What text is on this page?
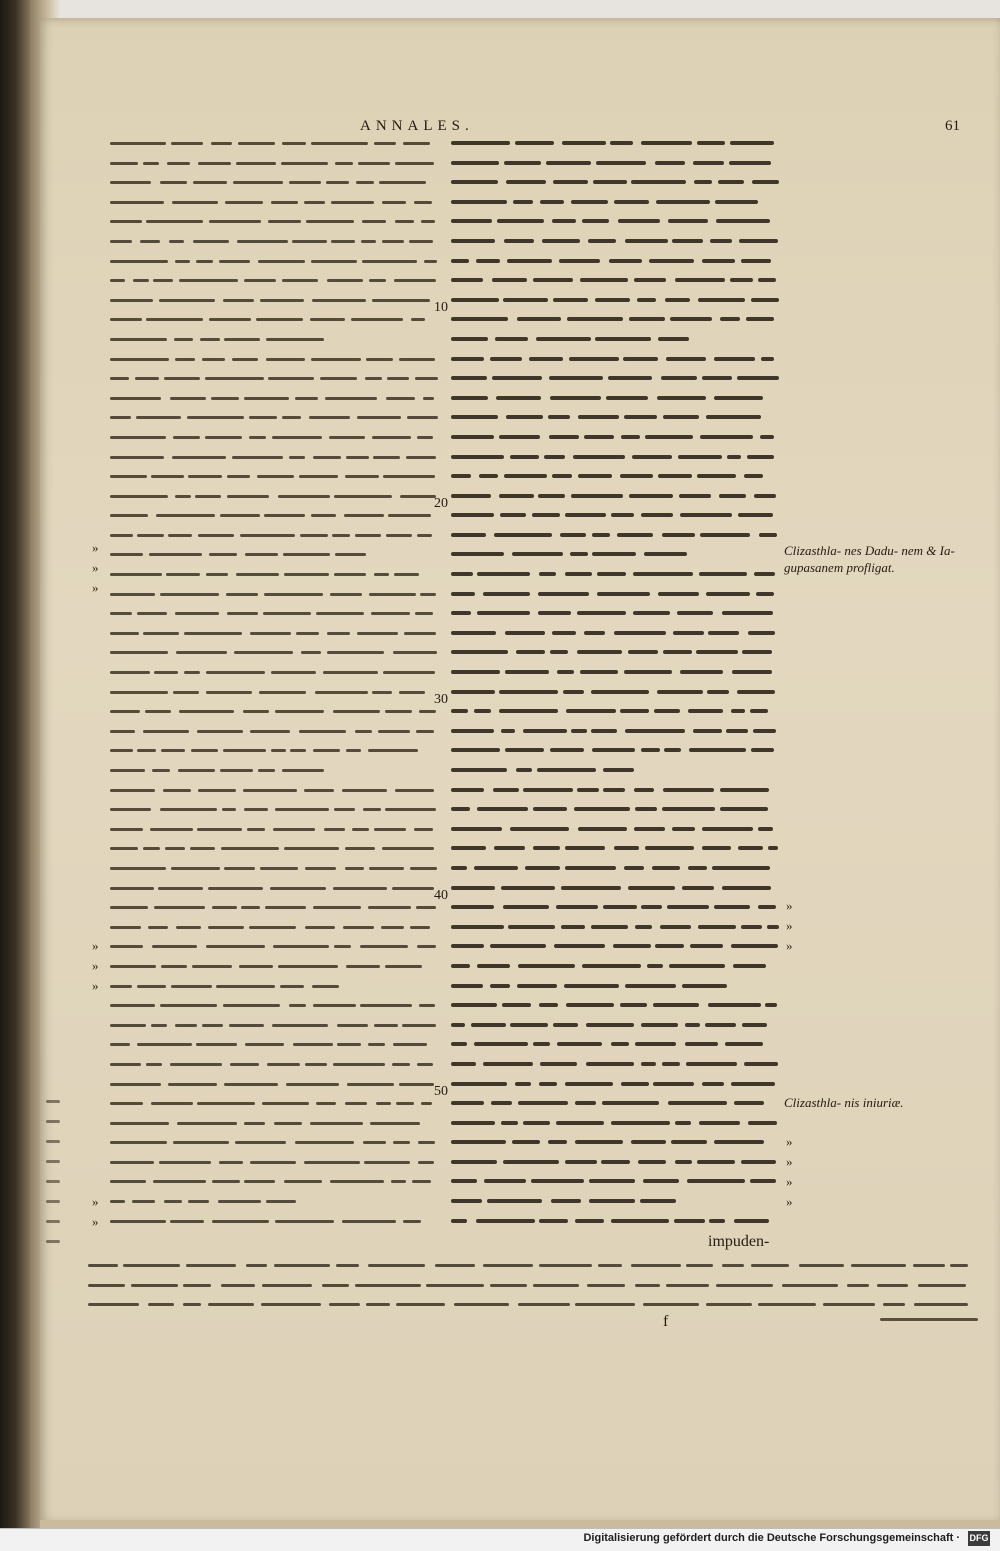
ANNALES.	61
10
20
30
40
50
Clizasthla- nes Dadu- nem & Ia- gupasanem profligat.
Clizasthla- nis iniuriæ.
»
»
»
»
»
»
»
»
»
»
»
»
»
»
»
impuden-
f
Digitalisierung gefördert durch die Deutsche Forschungsgemeinschaft · DFG
